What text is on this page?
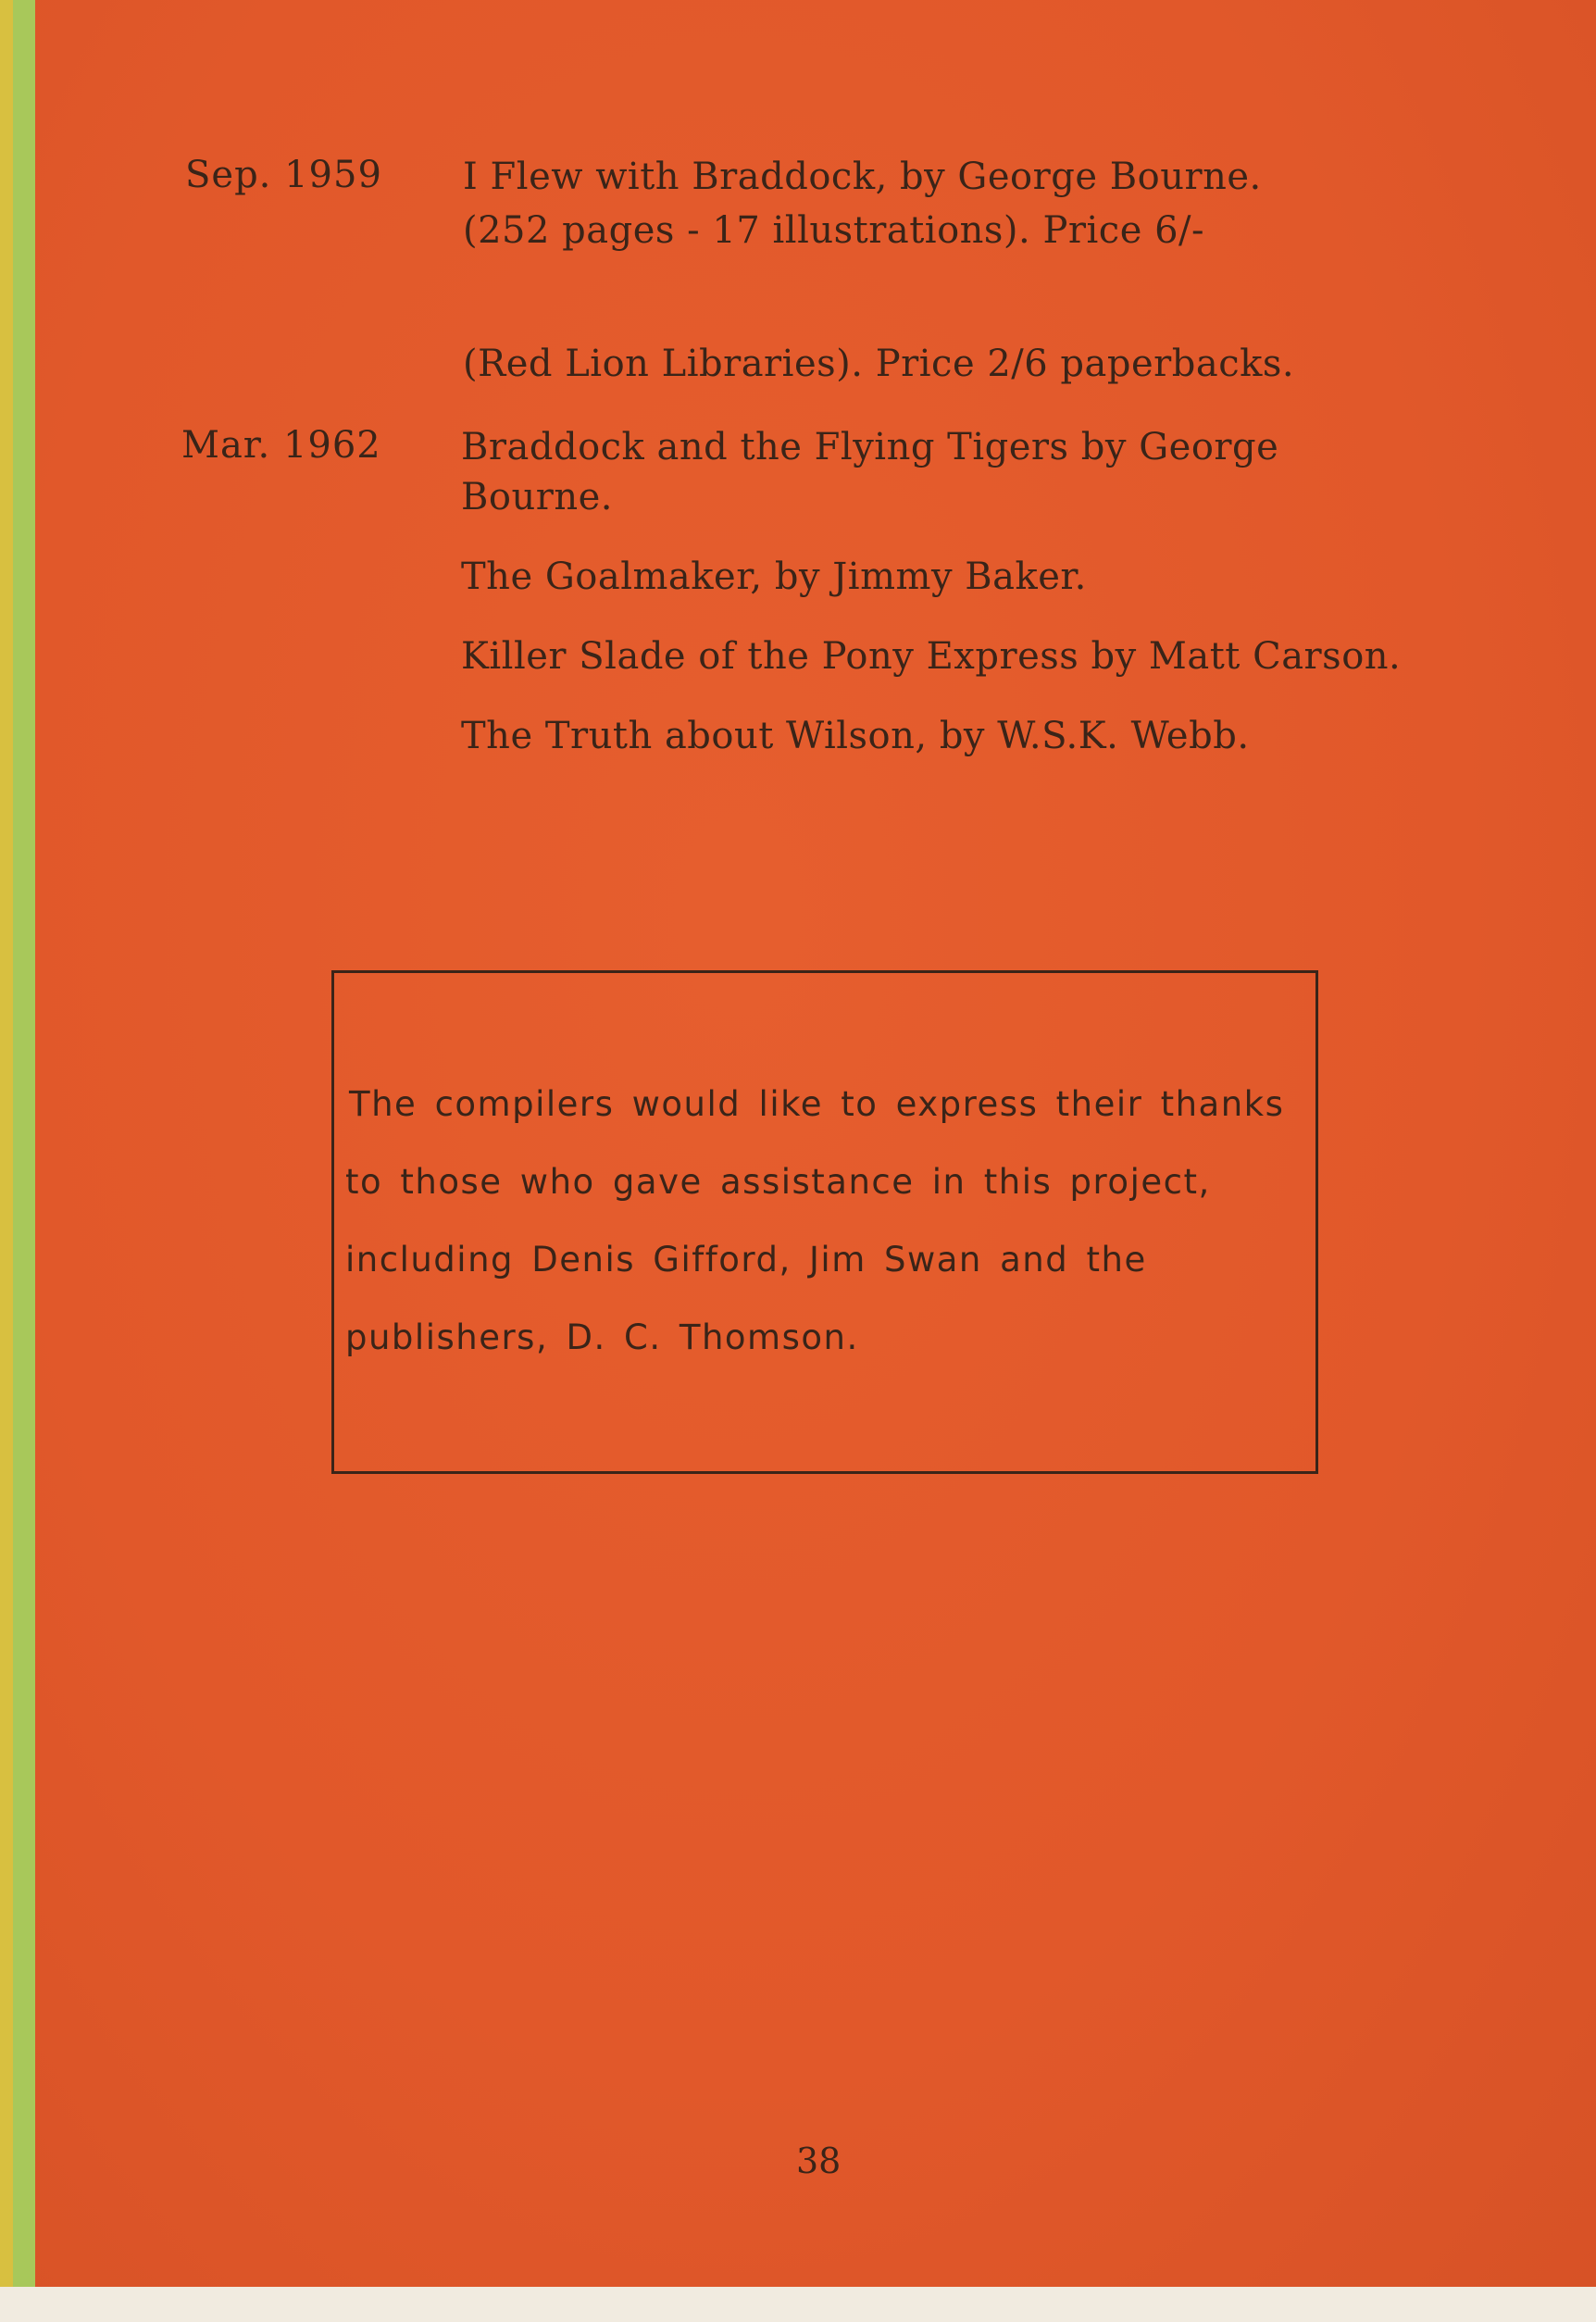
Sep. 1959 I Flew with Braddock, by George Bourne.
(252 pages - 17 illustrations). Price 6/-
(Red Lion Libraries). Price 2/6 paperbacks.
Mar. 1962 Braddock and the Flying Tigers by George
Bourne.
The Goalmaker, by Jimmy Baker.
Killer Slade of the Pony Express by Matt Carson.
The Truth about Wilson, by W.S.K. Webb.
The compilers would like to express their thanks
to those who gave assistance in this project,
including Denis Gifford, Jim Swan and the
publishers, D. C. Thomson.
38
